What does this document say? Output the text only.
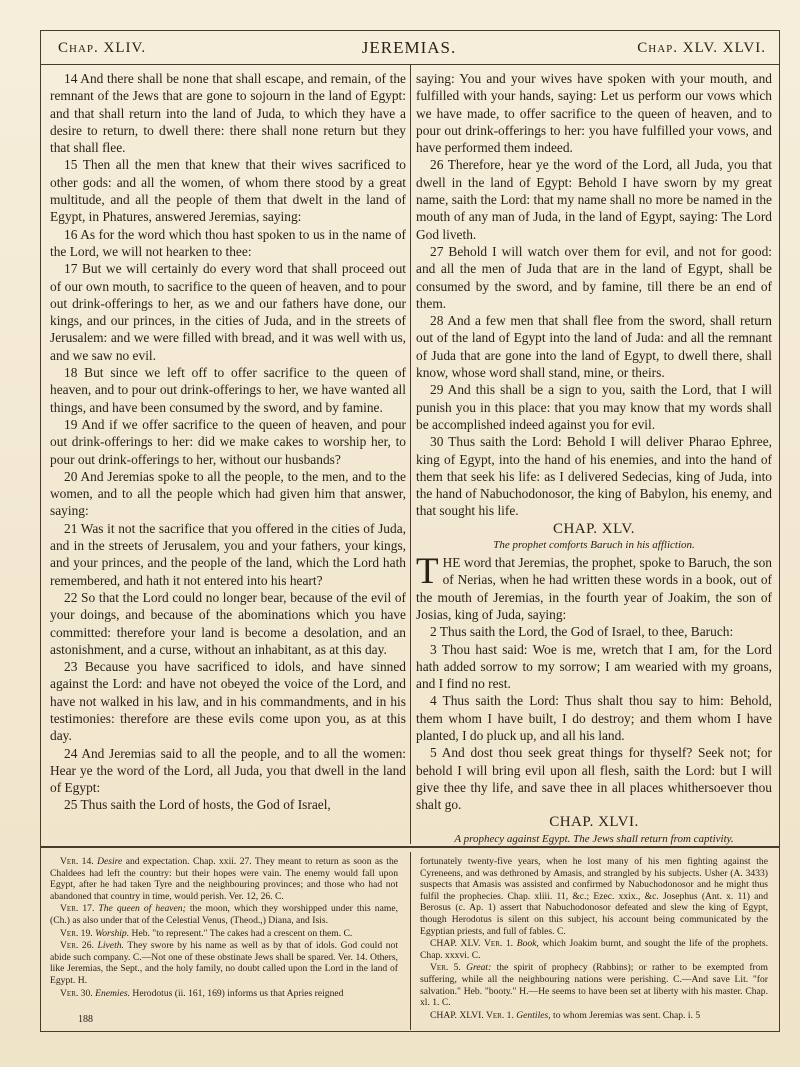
Chap. XLIV.	JEREMIAS.	Chap. XLV. XLVI.

14 And there shall be none that shall escape, and remain, of the remnant of the Jews that are gone to sojourn in the land of Egypt: and that shall return into the land of Juda, to which they have a desire to return, to dwell there: there shall none return but they that shall flee.

15 Then all the men that knew that their wives sacrificed to other gods: and all the women, of whom there stood by a great multitude, and all the people of them that dwelt in the land of Egypt, in Phatures, answered Jeremias, saying:

16 As for the word which thou hast spoken to us in the name of the Lord, we will not hearken to thee:

17 But we will certainly do every word that shall proceed out of our own mouth, to sacrifice to the queen of heaven, and to pour out drink-offerings to her, as we and our fathers have done, our kings, and our princes, in the cities of Juda, and in the streets of Jerusalem: and we were filled with bread, and it was well with us, and we saw no evil.

18 But since we left off to offer sacrifice to the queen of heaven, and to pour out drink-offerings to her, we have wanted all things, and have been consumed by the sword, and by famine.

19 And if we offer sacrifice to the queen of heaven, and pour out drink-offerings to her: did we make cakes to worship her, to pour out drink-offerings to her, without our husbands?

20 And Jeremias spoke to all the people, to the men, and to the women, and to all the people which had given him that answer, saying:

21 Was it not the sacrifice that you offered in the cities of Juda, and in the streets of Jerusalem, you and your fathers, your kings, and your princes, and the people of the land, which the Lord hath remembered, and hath it not entered into his heart?

22 So that the Lord could no longer bear, because of the evil of your doings, and because of the abominations which you have committed: therefore your land is become a desolation, and an astonishment, and a curse, without an inhabitant, as at this day.

23 Because you have sacrificed to idols, and have sinned against the Lord: and have not obeyed the voice of the Lord, and have not walked in his law, and in his commandments, and in his testimonies: therefore are these evils come upon you, as at this day.

24 And Jeremias said to all the people, and to all the women: Hear ye the word of the Lord, all Juda, you that dwell in the land of Egypt:

25 Thus saith the Lord of hosts, the God of Israel,

saying: You and your wives have spoken with your mouth, and fulfilled with your hands, saying: Let us perform our vows which we have made, to offer sacrifice to the queen of heaven, and to pour out drink-offerings to her: you have fulfilled your vows, and have performed them indeed.

26 Therefore, hear ye the word of the Lord, all Juda, you that dwell in the land of Egypt: Behold I have sworn by my great name, saith the Lord: that my name shall no more be named in the mouth of any man of Juda, in the land of Egypt, saying: The Lord God liveth.

27 Behold I will watch over them for evil, and not for good: and all the men of Juda that are in the land of Egypt, shall be consumed by the sword, and by famine, till there be an end of them.

28 And a few men that shall flee from the sword, shall return out of the land of Egypt into the land of Juda: and all the remnant of Juda that are gone into the land of Egypt, to dwell there, shall know, whose word shall stand, mine, or theirs.

29 And this shall be a sign to you, saith the Lord, that I will punish you in this place: that you may know that my words shall be accomplished indeed against you for evil.

30 Thus saith the Lord: Behold I will deliver Pharao Ephree, king of Egypt, into the hand of his enemies, and into the hand of them that seek his life: as I delivered Sedecias, king of Juda, into the hand of Nabuchodonosor, the king of Babylon, his enemy, and that sought his life.

CHAP. XLV.

The prophet comforts Baruch in his affliction.

THE word that Jeremias, the prophet, spoke to Baruch, the son of Nerias, when he had written these words in a book, out of the mouth of Jeremias, in the fourth year of Joakim, the son of Josias, king of Juda, saying:

2 Thus saith the Lord, the God of Israel, to thee, Baruch:

3 Thou hast said: Woe is me, wretch that I am, for the Lord hath added sorrow to my sorrow; I am wearied with my groans, and I find no rest.

4 Thus saith the Lord: Thus shalt thou say to him: Behold, them whom I have built, I do destroy; and them whom I have planted, I do pluck up, and all his land.

5 And dost thou seek great things for thyself? Seek not; for behold I will bring evil upon all flesh, saith the Lord: but I will give thee thy life, and save thee in all places whithersoever thou shalt go.

CHAP. XLVI.

A prophecy against Egypt. The Jews shall return from captivity.

Ver. 14. Desire and expectation. Chap. xxii. 27. They meant to return as soon as the Chaldees had left the country: but their hopes were vain. The enemy would fall upon Egypt, after he had taken Tyre and the neighbouring provinces; and those who had not abandoned that country in time, would perish. Ver. 12, 26. C.

Ver. 17. The queen of heaven; the moon, which they worshipped under this name, (Ch.) as also under that of the Celestial Venus, (Theod.,) Diana, and Isis.

Ver. 19. Worship. Heb. "to represent." The cakes had a crescent on them. C.

Ver. 26. Liveth. They swore by his name as well as by that of idols. God could not abide such company. C.—Not one of these obstinate Jews shall be spared. Ver. 14. Others, like Jeremias, the Sept., and the holy family, no doubt called upon the Lord in the land of Egypt. H.

Ver. 30. Enemies. Herodotus (ii. 161, 169) informs us that Apries reigned

fortunately twenty-five years, when he lost many of his men fighting against the Cyreneens, and was dethroned by Amasis, and strangled by his subjects. Usher (A. 3433) suspects that Amasis was assisted and confirmed by Nabuchodonosor and he might thus fulfil the prophecies. Chap. xliii. 11, &c.; Ezec. xxix., &c. Josephus (Ant. x. 11) and Berosus (c. Ap. 1) assert that Nabuchodonosor defeated and slew the king of Egypt, though Herodotus is silent on this subject, his account being communicated by the Egyptian priests, and full of fables. C.

CHAP. XLV. Ver. 1. Book, which Joakim burnt, and sought the life of the prophets. Chap. xxxvi. C.

Ver. 5. Great: the spirit of prophecy (Rabbins); or rather to be exempted from suffering, while all the neighbouring nations were perishing. C.—And save Lit. "for salvation." Heb. "booty." H.—He seems to have been set at liberty with his master. Chap. xl. 1. C.

CHAP. XLVI. Ver. 1. Gentiles, to whom Jeremias was sent. Chap. i. 5

188
